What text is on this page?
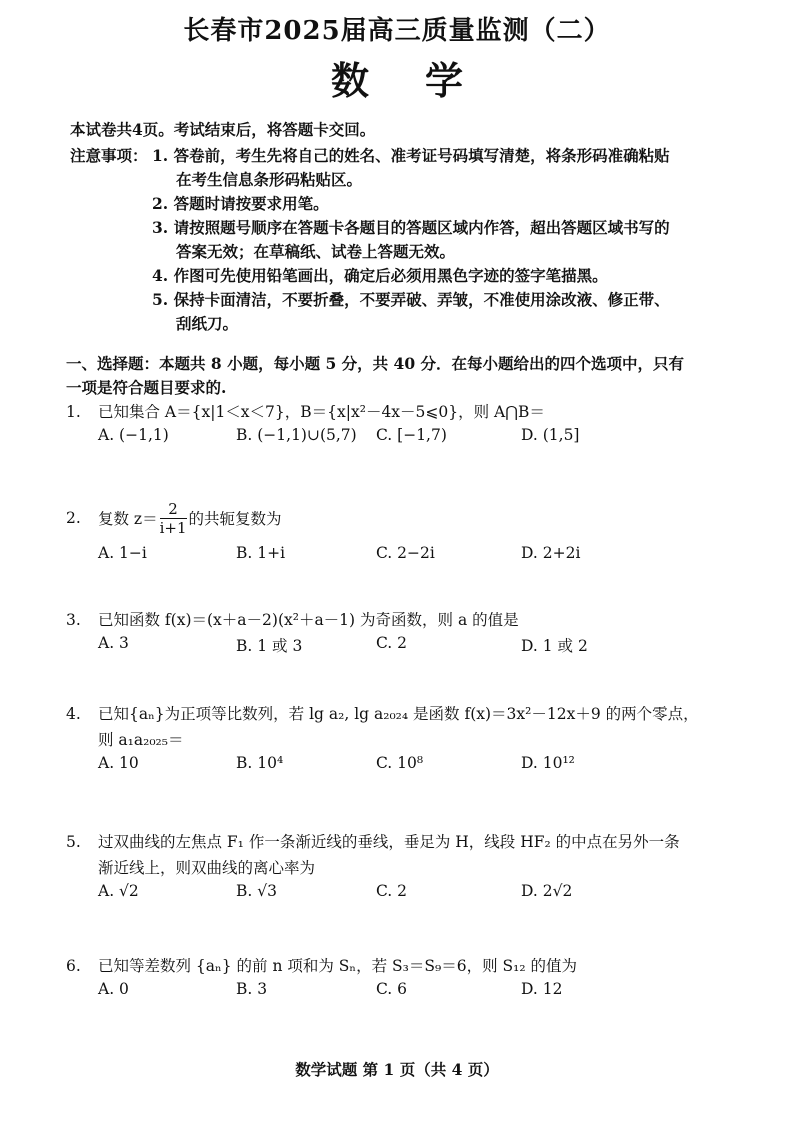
长春市2025届高三质量监测（二）
数学
本试卷共4页。考试结束后，将答题卡交回。
注意事项： 1. 答卷前，考生先将自己的姓名、准考证号码填写清楚，将条形码准确粘贴
在考生信息条形码粘贴区。
2. 答题时请按要求用笔。
3. 请按照题号顺序在答题卡各题目的答题区域内作答，超出答题区域书写的
答案无效；在草稿纸、试卷上答题无效。
4. 作图可先使用铅笔画出，确定后必须用黑色字迹的签字笔描黑。
5. 保持卡面清洁，不要折叠，不要弄破、弄皱，不准使用涂改液、修正带、
刮纸刀。
一、选择题：本题共 8 小题，每小题 5 分，共 40 分．在每小题给出的四个选项中，只有
一项是符合题目要求的.
1. 已知集合 A＝{x|1＜x＜7}，B＝{x|x²－4x－5⩽0}，则 A⋂B＝
A. (−1,1)	B. (−1,1)∪(5,7) C. [−1,7)	D. (1,5]
2.	复数 $z= \frac{2}{i+1}$ 的共轭复数为
A. 1−i	B. 1+i	C. 2−2i	D. 2+2i
3. 已知函数 f(x)＝(x＋a－2)(x²＋a－1) 为奇函数，则 a 的值是
A. 3	B. 1 或 3	C. 2	D. 1 或 2
4. 已知{aₙ}为正项等比数列，若 lg a₂, lg a₂₀₂₄ 是函数 f(x)＝3x²－12x＋9 的两个零点，
则 a₁a₂₀₂₅＝
A. 10	B. 10⁴	C. 10⁸	D. 10¹²
5. 过双曲线的左焦点 F₁ 作一条渐近线的垂线，垂足为 H，线段 HF₂ 的中点在另外一条
渐近线上，则双曲线的离心率为
A. √2	B. √3	C. 2	D. 2√2
6. 已知等差数列 {aₙ} 的前 n 项和为 Sₙ，若 S₃＝S₉＝6，则 S₁₂ 的值为
A. 0	B. 3	C. 6	D. 12
数学试题 第 1 页（共 4 页）
